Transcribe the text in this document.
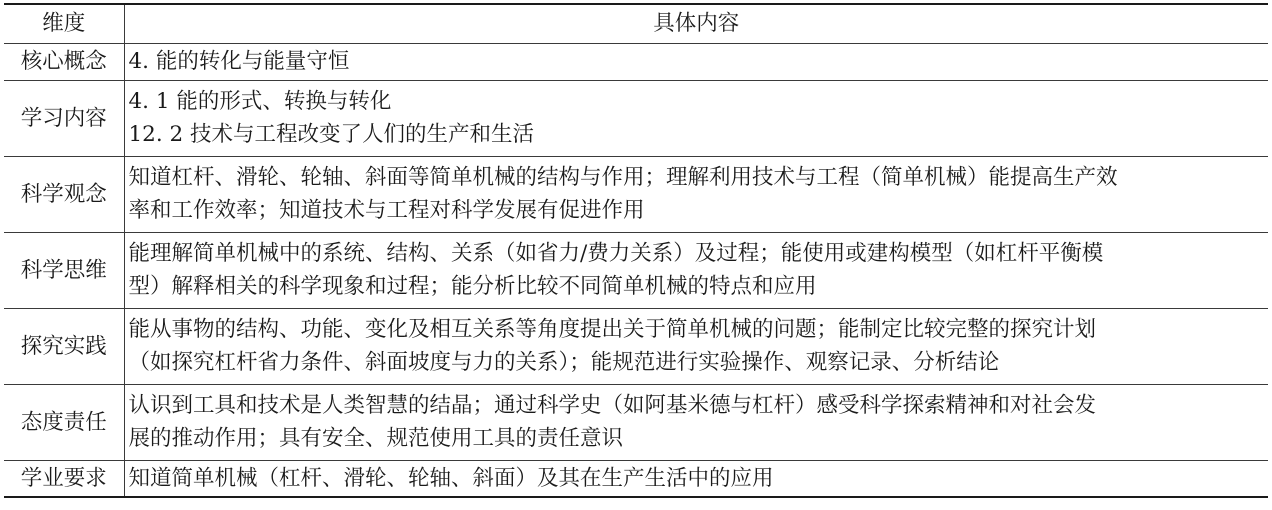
维度	具体内容
核心概念	4. 能的转化与能量守恒

学习内容	4. 1 能的形式、转换与转化
12. 2 技术与工程改变了人们的生产和生活

科学观念	知道杠杆、滑轮、轮轴、斜面等简单机械的结构与作用；理解利用技术与工程（简单机械）能提高生产效
率和工作效率；知道技术与工程对科学发展有促进作用

科学思维	能理解简单机械中的系统、结构、关系（如省力/费力关系）及过程；能使用或建构模型（如杠杆平衡模
型）解释相关的科学现象和过程；能分析比较不同简单机械的特点和应用

探究实践	能从事物的结构、功能、变化及相互关系等角度提出关于简单机械的问题；能制定比较完整的探究计划
（如探究杠杆省力条件、斜面坡度与力的关系）；能规范进行实验操作、观察记录、分析结论

态度责任	认识到工具和技术是人类智慧的结晶；通过科学史（如阿基米德与杠杆）感受科学探索精神和对社会发
展的推动作用；具有安全、规范使用工具的责任意识

学业要求	知道简单机械（杠杆、滑轮、轮轴、斜面）及其在生产生活中的应用
